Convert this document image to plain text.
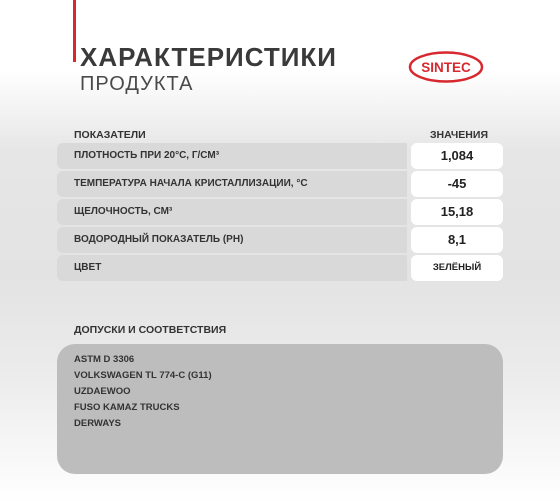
ХАРАКТЕРИСТИКИ
ПРОДУКТА
SINTEC
ПОКАЗАТЕЛИ	ЗНАЧЕНИЯ
ПЛОТНОСТЬ ПРИ 20°С, Г/СМ³	1,084
ТЕМПЕРАТУРА НАЧАЛА КРИСТАЛЛИЗАЦИИ, °С	-45
ЩЕЛОЧНОСТЬ, СМ³	15,18
ВОДОРОДНЫЙ ПОКАЗАТЕЛЬ (PH)	8,1
ЦВЕТ	ЗЕЛЁНЫЙ
ДОПУСКИ И СООТВЕТСТВИЯ
ASTM D 3306
VOLKSWAGEN TL 774-C (G11)
UZDAEWOO
FUSO KAMAZ TRUCKS
DERWAYS
